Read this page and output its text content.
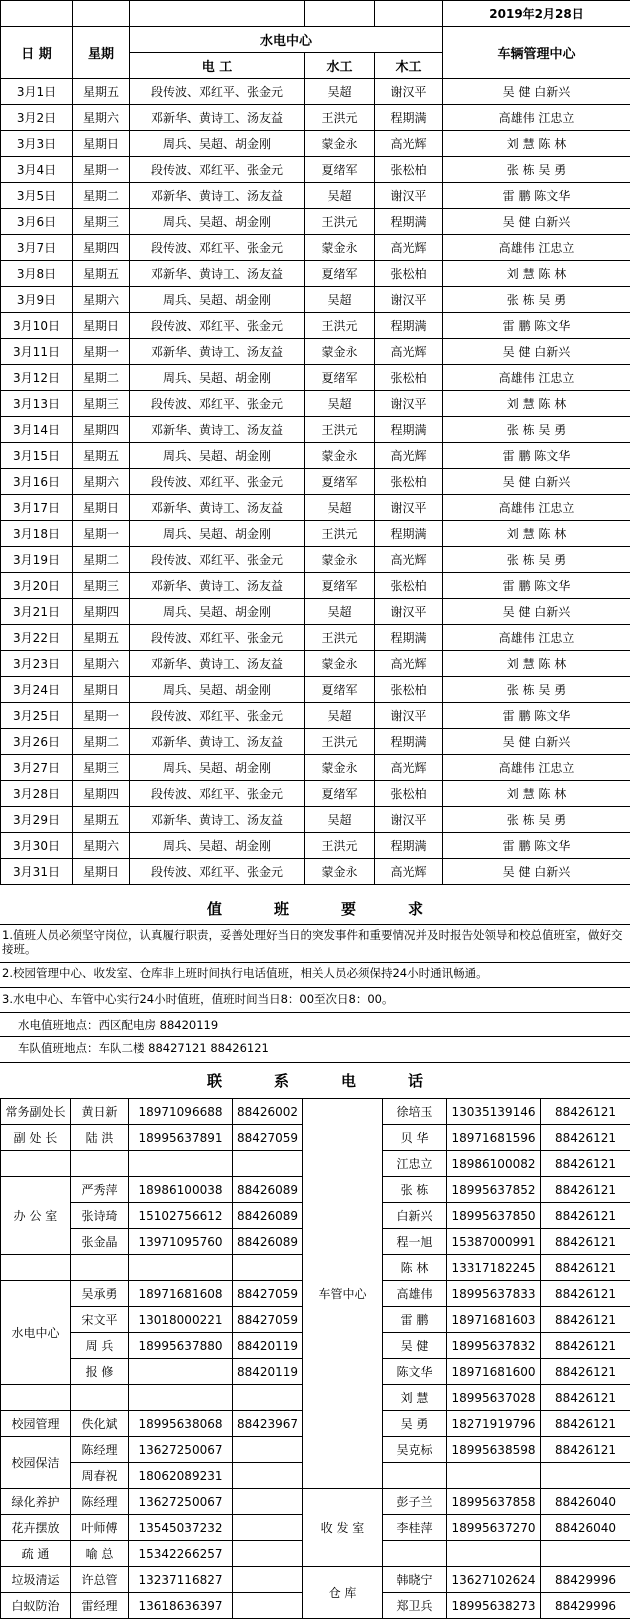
					2019年2月28日
日 期	星期	水电中心			车辆管理中心
		电 工	水工	木工	
3月1日	星期五	段传波、邓红平、张金元	吴超	谢汉平	吴 健 白新兴
3月2日	星期六	邓新华、黄诗工、汤友益	王洪元	程期满	高雄伟 江忠立
3月3日	星期日	周兵、吴超、胡金刚	蒙金永	高光辉	刘 慧 陈 林
3月4日	星期一	段传波、邓红平、张金元	夏绪军	张松柏	张 栋 吴 勇
3月5日	星期二	邓新华、黄诗工、汤友益	吴超	谢汉平	雷 鹏 陈文华
3月6日	星期三	周兵、吴超、胡金刚	王洪元	程期满	吴 健 白新兴
3月7日	星期四	段传波、邓红平、张金元	蒙金永	高光辉	高雄伟 江忠立
3月8日	星期五	邓新华、黄诗工、汤友益	夏绪军	张松柏	刘 慧 陈 林
3月9日	星期六	周兵、吴超、胡金刚	吴超	谢汉平	张 栋 吴 勇
3月10日	星期日	段传波、邓红平、张金元	王洪元	程期满	雷 鹏 陈文华
3月11日	星期一	邓新华、黄诗工、汤友益	蒙金永	高光辉	吴 健 白新兴
3月12日	星期二	周兵、吴超、胡金刚	夏绪军	张松柏	高雄伟 江忠立
3月13日	星期三	段传波、邓红平、张金元	吴超	谢汉平	刘 慧 陈 林
3月14日	星期四	邓新华、黄诗工、汤友益	王洪元	程期满	张 栋 吴 勇
3月15日	星期五	周兵、吴超、胡金刚	蒙金永	高光辉	雷 鹏 陈文华
3月16日	星期六	段传波、邓红平、张金元	夏绪军	张松柏	吴 健 白新兴
3月17日	星期日	邓新华、黄诗工、汤友益	吴超	谢汉平	高雄伟 江忠立
3月18日	星期一	周兵、吴超、胡金刚	王洪元	程期满	刘 慧 陈 林
3月19日	星期二	段传波、邓红平、张金元	蒙金永	高光辉	张 栋 吴 勇
3月20日	星期三	邓新华、黄诗工、汤友益	夏绪军	张松柏	雷 鹏 陈文华
3月21日	星期四	周兵、吴超、胡金刚	吴超	谢汉平	吴 健 白新兴
3月22日	星期五	段传波、邓红平、张金元	王洪元	程期满	高雄伟 江忠立
3月23日	星期六	邓新华、黄诗工、汤友益	蒙金永	高光辉	刘 慧 陈 林
3月24日	星期日	周兵、吴超、胡金刚	夏绪军	张松柏	张 栋 吴 勇
3月25日	星期一	段传波、邓红平、张金元	吴超	谢汉平	雷 鹏 陈文华
3月26日	星期二	邓新华、黄诗工、汤友益	王洪元	程期满	吴 健 白新兴
3月27日	星期三	周兵、吴超、胡金刚	蒙金永	高光辉	高雄伟 江忠立
3月28日	星期四	段传波、邓红平、张金元	夏绪军	张松柏	刘 慧 陈 林
3月29日	星期五	邓新华、黄诗工、汤友益	吴超	谢汉平	张 栋 吴 勇
3月30日	星期六	周兵、吴超、胡金刚	王洪元	程期满	雷 鹏 陈文华
3月31日	星期日	段传波、邓红平、张金元	蒙金永	高光辉	吴 健 白新兴
值	班	要	求
1.值班人员必须坚守岗位，认真履行职责，妥善处理好当日的突发事件和重要情况并及时报告处领导和校总值班室，做好交接班。
2.校园管理中心、收发室、仓库非上班时间执行电话值班，相关人员必须保持24小时通讯畅通。
3.水电中心、车管中心实行24小时值班，值班时间当日8：00至次日8：00。
水电值班地点：西区配电房 88420119
车队值班地点：车队二楼 88427121 88426121
联	系	电	话
常务副处长	黄日新	18971096688	88426002	车管中心	徐培玉	13035139146	88426121
副 处 长	陆 洪	18995637891	88427059		贝 华	18971681596	88426121
					江忠立	18986100082	88426121
办 公 室	严秀萍	18986100038	88426089		张 栋	18995637852	88426121
	张诗琦	15102756612	88426089		白新兴	18995637850	88426121
	张金晶	13971095760	88426089		程一旭	15387000991	88426121
					陈 林	13317182245	88426121
水电中心	吴承勇	18971681608	88427059		高雄伟	18995637833	88426121
	宋文平	13018000221	88427059		雷 鹏	18971681603	88426121
	周 兵	18995637880	88420119		吴 健	18995637832	88426121
	报 修		88420119		陈文华	18971681600	88426121
					刘 慧	18995637028	88426121
校园管理	佚化斌	18995638068	88423967		吴 勇	18271919796	88426121
校园保洁	陈经理	13627250067			吴克标	18995638598	88426121
	周春祝	18062089231					
绿化养护	陈经理	13627250067		收 发 室	彭子兰	18995637858	88426040
花卉摆放	叶师傅	13545037232			李桂萍	18995637270	88426040
疏 通	喻 总	15342266257					
垃圾清运	许总管	13237116827		仓 库	韩晓宁	13627102624	88429996
白蚁防治	雷经理	13618636397			郑卫兵	18995638273	88429996
